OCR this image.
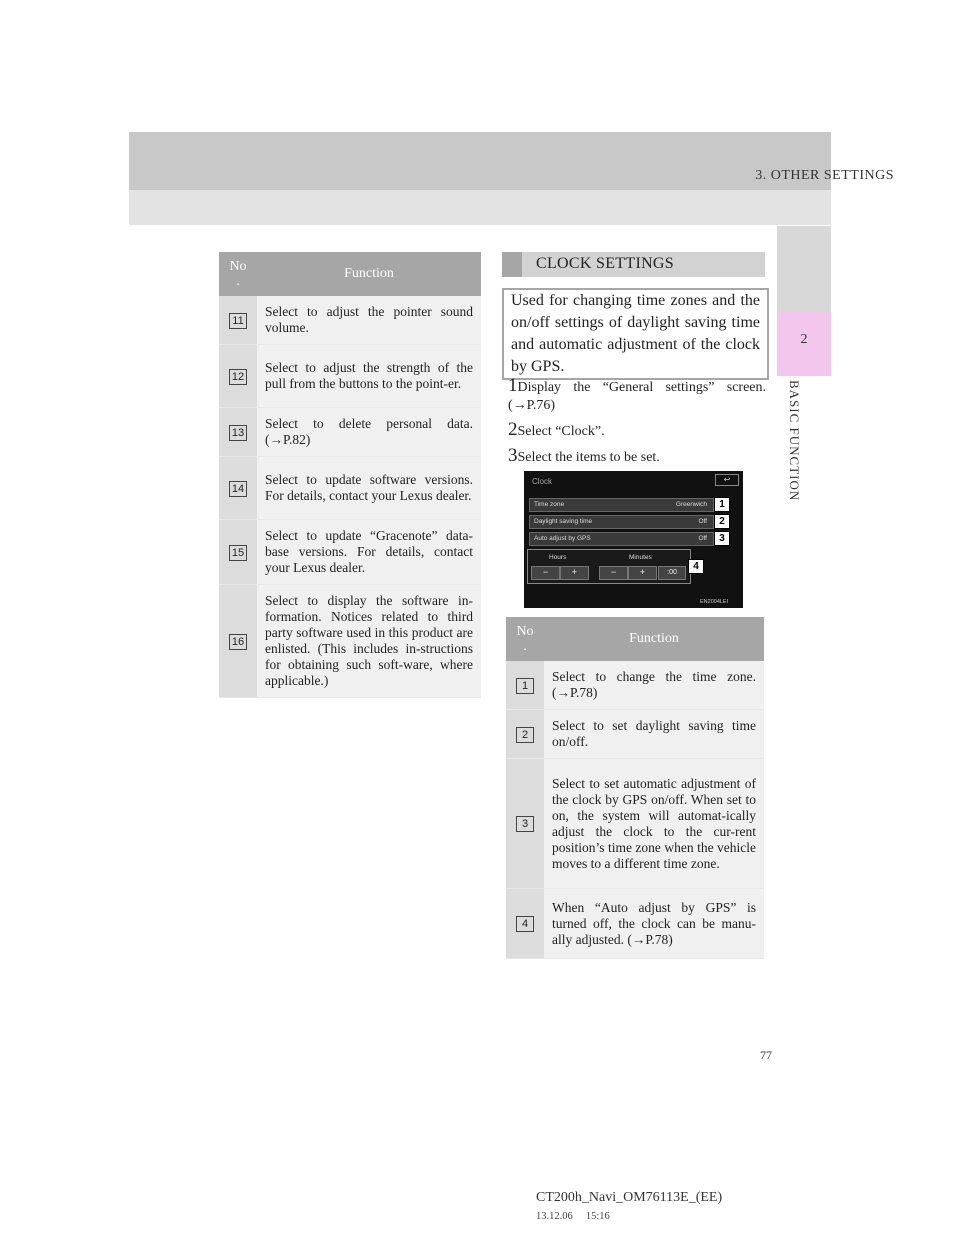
3. OTHER SETTINGS
2
BASIC FUNCTION
No
.	Function
11	Select to adjust the pointer sound volume.
12	Select to adjust the strength of the pull from the buttons to the point-er.
13	Select to delete personal data. (→P.82)
14	Select to update software versions. For details, contact your Lexus dealer.
15	Select to update “Gracenote” data-base versions. For details, contact your Lexus dealer.
16	Select to display the software in-formation. Notices related to third party software used in this product are enlisted. (This includes in-structions for obtaining such soft-ware, where applicable.)
CLOCK SETTINGS
Used for changing time zones and the on/off settings of daylight saving time and automatic adjustment of the clock by GPS.
1Display the “General settings” screen. (→P.76)
2Select “Clock”.
3Select the items to be set.
Clock	↩
Time zone	Greenwich	1
Daylight saving time	Off	2
Auto adjust by GPS	Off	3
Hours	Minutes
−	+	−	+	:00
4
EN2004LEI
No
.	Function
1	Select to change the time zone. (→P.78)
2	Select to set daylight saving time on/off.
3	Select to set automatic adjustment of the clock by GPS on/off. When set to on, the system will automat-ically adjust the clock to the cur-rent position’s time zone when the vehicle moves to a different time zone.
4	When “Auto adjust by GPS” is turned off, the clock can be manu-ally adjusted. (→P.78)
77
CT200h_Navi_OM76113E_(EE)
13.12.06     15:16
